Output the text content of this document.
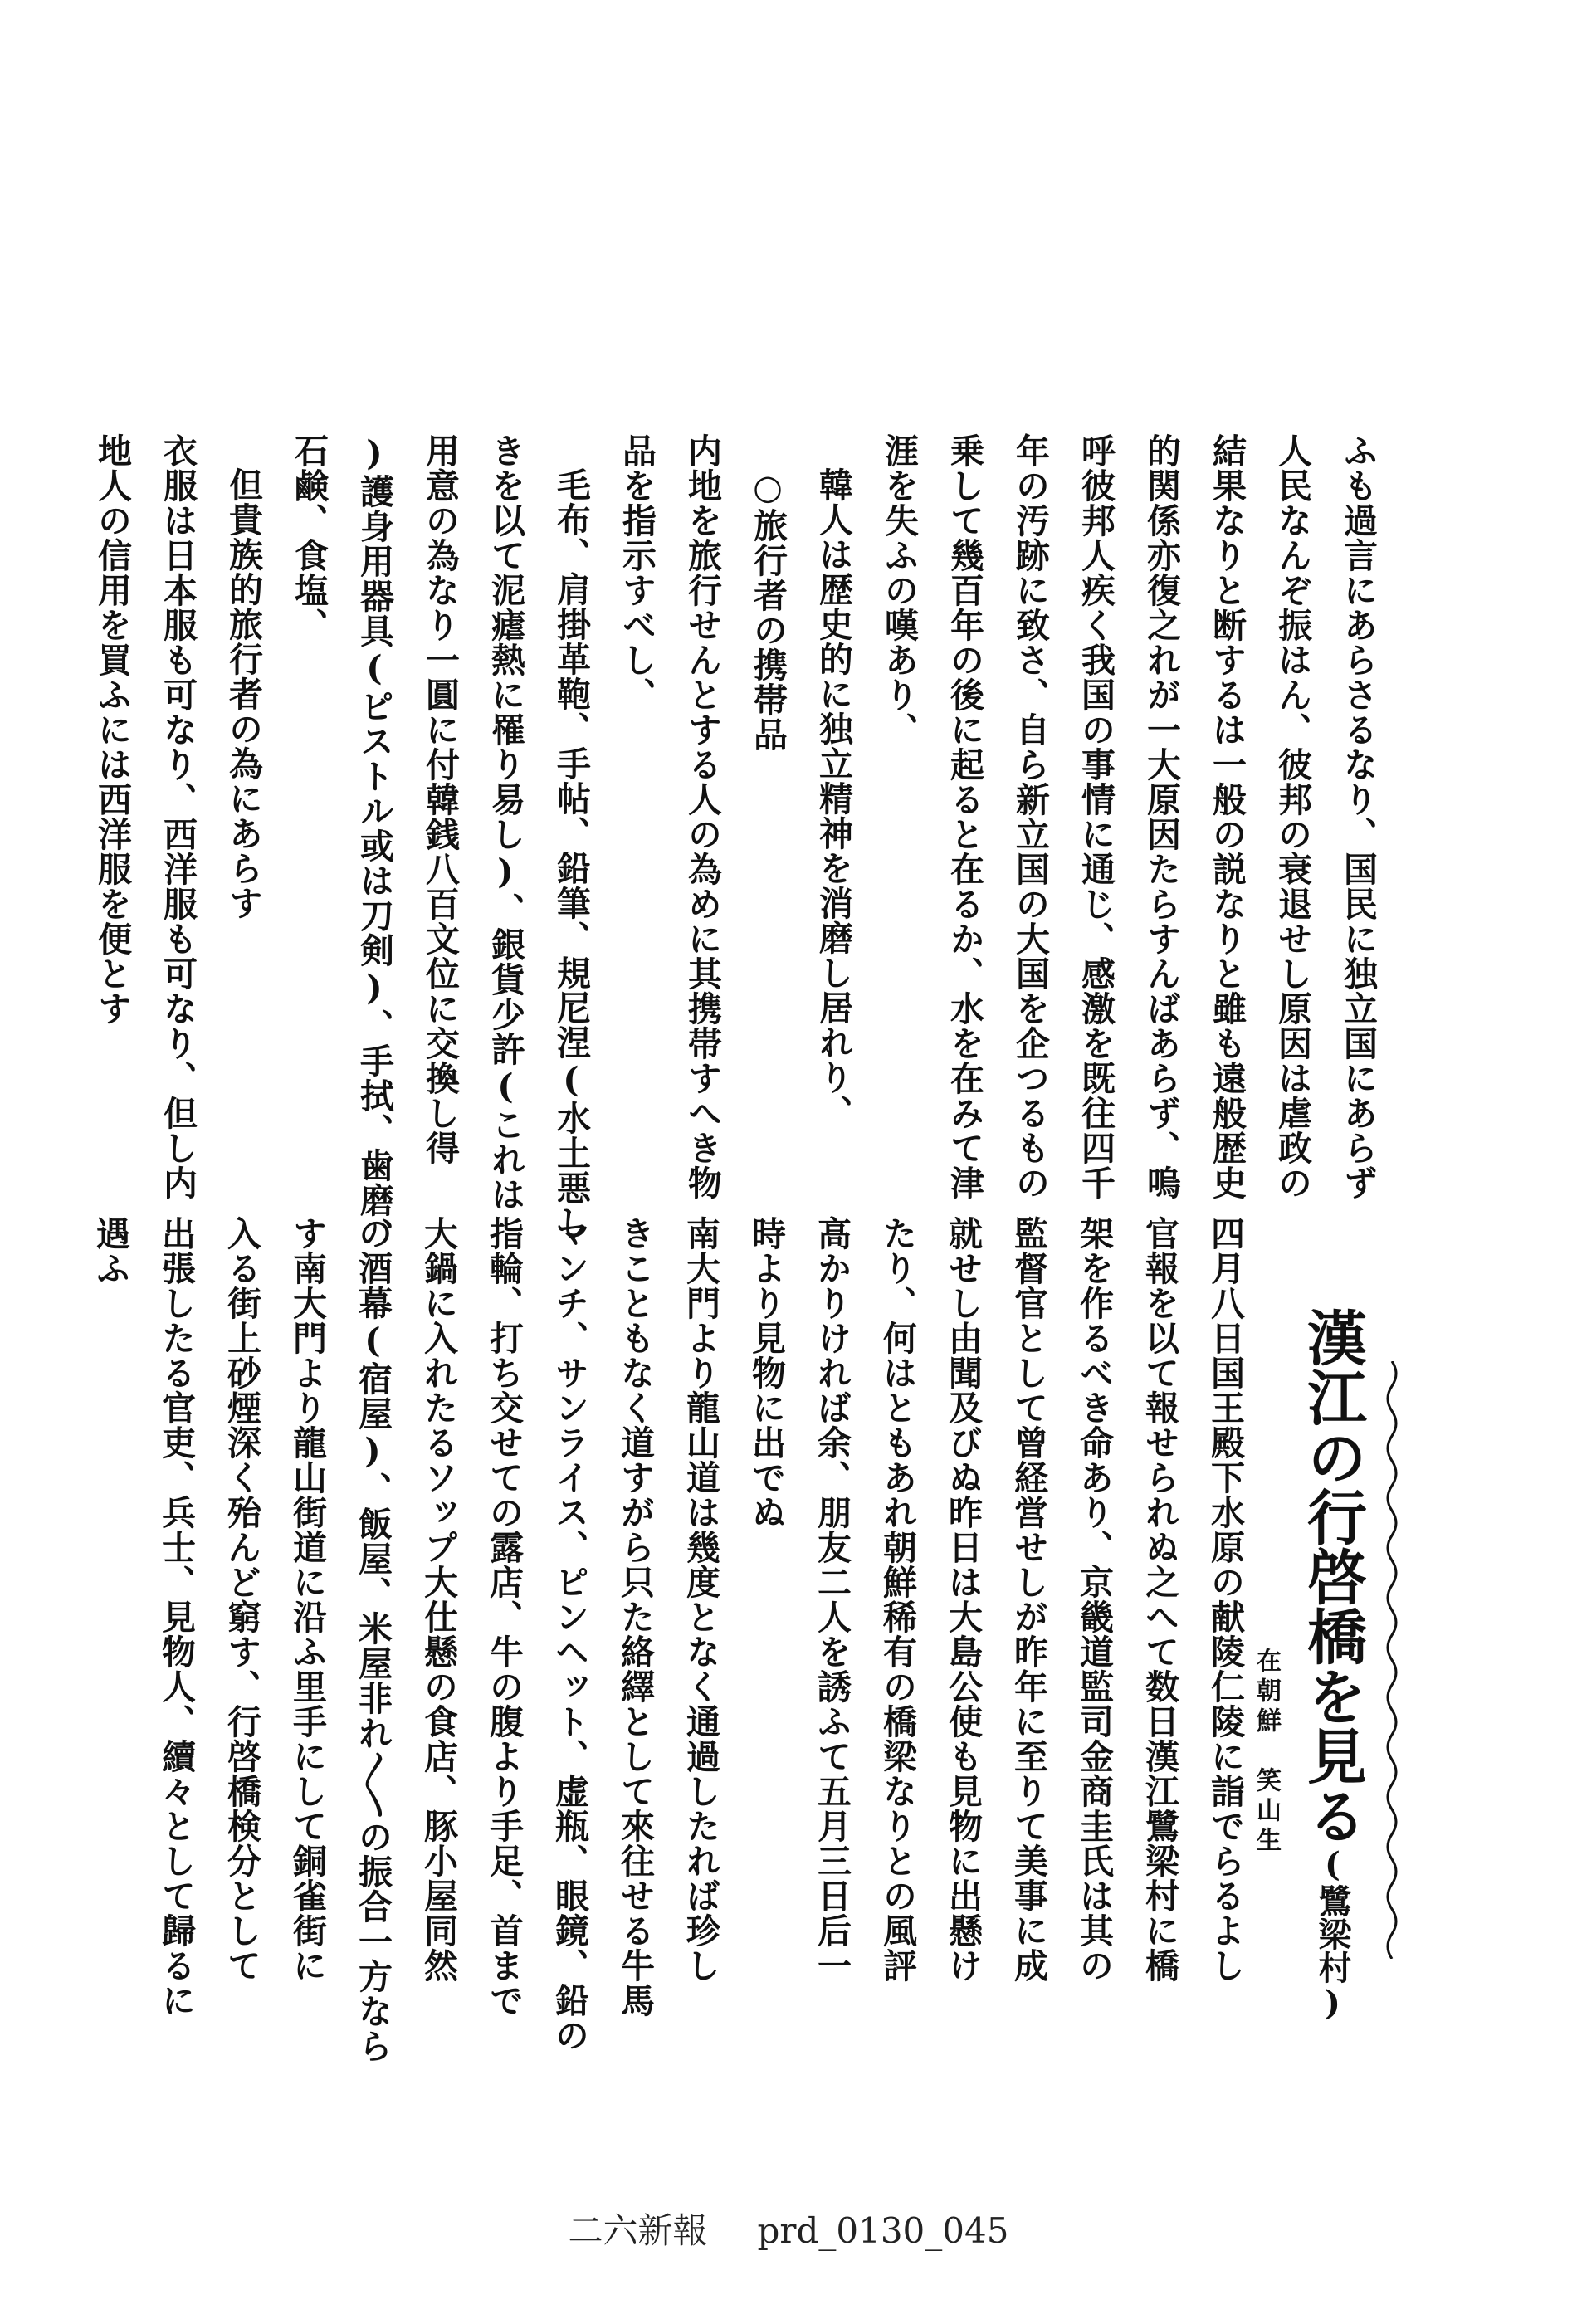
ふも過言にあらさるなり、国民に独立国にあらず
人民なんぞ振はん、彼邦の衰退せし原因は虐政の
結果なりと断するは一般の説なりと雖も遠般歴史
的関係亦復之れが一大原因たらすんばあらず、嗚
呼彼邦人疾く我国の事情に通じ、感激を既往四千
年の汚跡に致さ、自ら新立国の大国を企つるもの
乗して幾百年の後に起ると在るか、水を在みて津
涯を失ふの嘆あり、
韓人は歴史的に独立精神を消磨し居れり、
○旅行者の携帯品
内地を旅行せんとする人の為めに其携帯すへき物
品を指示すべし、
毛布、肩掛革鞄、手帖、鉛筆、規尼涅(水土悪し
きを以て泥瘧熱に罹り易し)、銀貨少許(これは
用意の為なり一圓に付韓銭八百文位に交換し得
)護身用器具(ピストル或は刀剣)、手拭、歯磨、
石鹸、食塩、
但貴族的旅行者の為にあらす
衣服は日本服も可なり、西洋服も可なり、但し内
地人の信用を買ふには西洋服を便とす
漢江の行啓橋を見る(鷺梁村)
在朝鮮　笑山生
四月八日国王殿下水原の献陵仁陵に詣でらるよし
官報を以て報せられぬ之へて数日漢江鷺梁村に橋
架を作るべき命あり、京畿道監司金商圭氏は其の
監督官として曾経営せしが昨年に至りて美事に成
就せし由聞及びぬ昨日は大島公使も見物に出懸け
たり、何はともあれ朝鮮稀有の橋梁なりとの風評
高かりければ余、朋友二人を誘ふて五月三日后一
時より見物に出でぬ
南大門より龍山道は幾度となく通過したれば珍し
きこともなく道すがら只た絡繹として來往せる牛馬
マンチ、サンライス、ピンヘット、虚瓶、眼鏡、鉛の
指輪、打ち交せての露店、牛の腹より手足、首まで
大鍋に入れたるソップ大仕懸の食店、豚小屋同然
の酒幕(宿屋)、飯屋、米屋非れ〳〵の振合一方なら
す南大門より龍山街道に沿ふ里手にして銅雀街に
入る街上砂煙深く殆んど窮す、行啓橋検分として
出張したる官吏、兵士、見物人、續々として歸るに
遇ふ
二六新報 prd_0130_045
